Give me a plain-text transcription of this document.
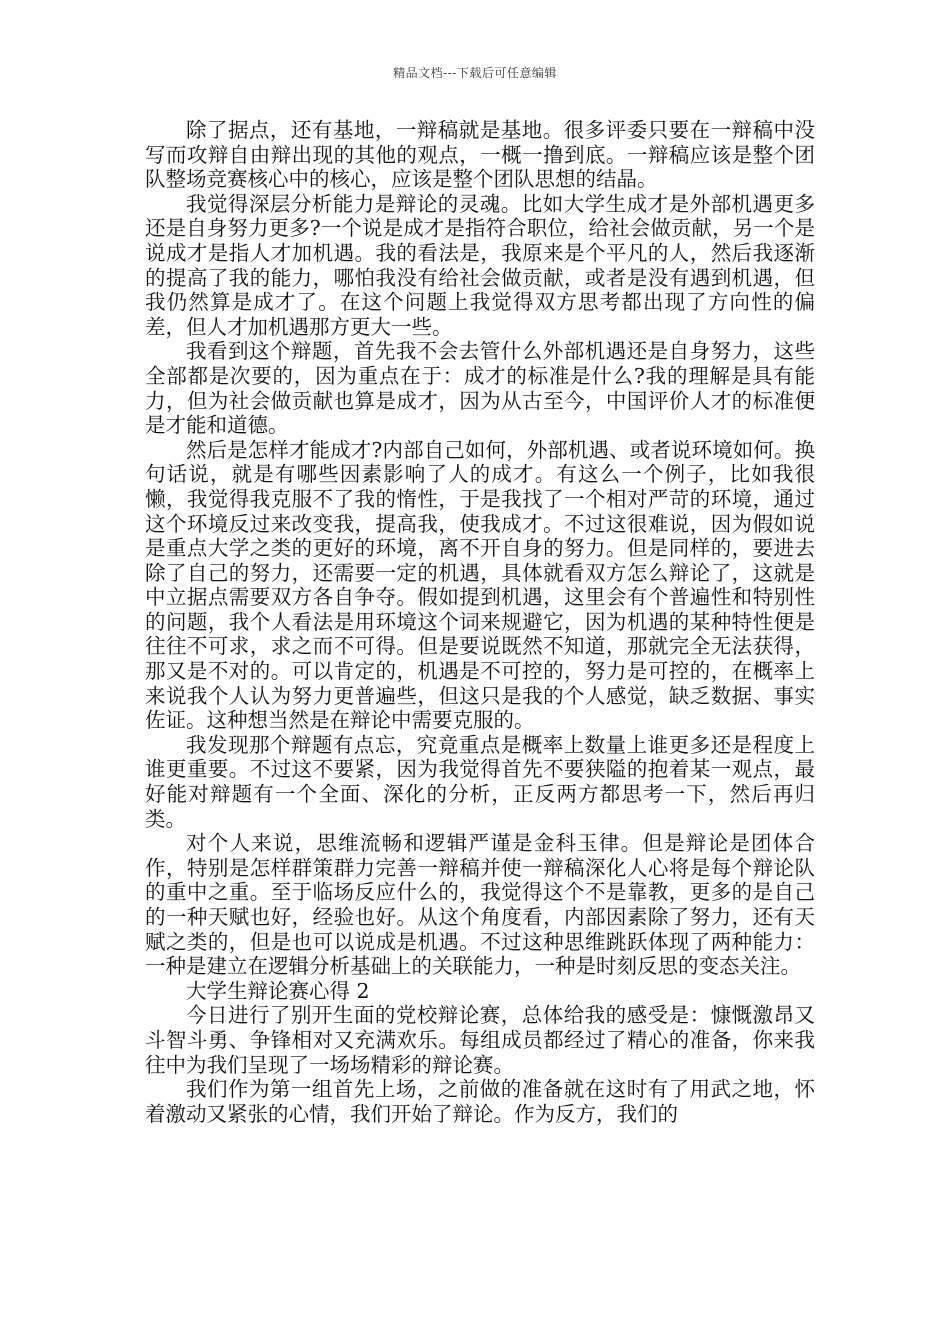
精品文档---下载后可任意编辑

除了据点，还有基地，一辩稿就是基地。很多评委只要在一辩稿中没写而攻辩自由辩出现的其他的观点，一概一撸到底。一辩稿应该是整个团队整场竞赛核心中的核心，应该是整个团队思想的结晶。

我觉得深层分析能力是辩论的灵魂。比如大学生成才是外部机遇更多还是自身努力更多?一个说是成才是指符合职位，给社会做贡献，另一个是说成才是指人才加机遇。我的看法是，我原来是个平凡的人，然后我逐渐的提高了我的能力，哪怕我没有给社会做贡献，或者是没有遇到机遇，但我仍然算是成才了。在这个问题上我觉得双方思考都出现了方向性的偏差，但人才加机遇那方更大一些。

我看到这个辩题，首先我不会去管什么外部机遇还是自身努力，这些全部都是次要的，因为重点在于：成才的标准是什么?我的理解是具有能力，但为社会做贡献也算是成才，因为从古至今，中国评价人才的标准便是才能和道德。

然后是怎样才能成才?内部自己如何，外部机遇、或者说环境如何。换句话说，就是有哪些因素影响了人的成才。有这么一个例子，比如我很懒，我觉得我克服不了我的惰性，于是我找了一个相对严苛的环境，通过这个环境反过来改变我，提高我，使我成才。不过这很难说，因为假如说是重点大学之类的更好的环境，离不开自身的努力。但是同样的，要进去除了自己的努力，还需要一定的机遇，具体就看双方怎么辩论了，这就是中立据点需要双方各自争夺。假如提到机遇，这里会有个普遍性和特别性的问题，我个人看法是用环境这个词来规避它，因为机遇的某种特性便是往往不可求，求之而不可得。但是要说既然不知道，那就完全无法获得，那又是不对的。可以肯定的，机遇是不可控的，努力是可控的，在概率上来说我个人认为努力更普遍些，但这只是我的个人感觉，缺乏数据、事实佐证。这种想当然是在辩论中需要克服的。

我发现那个辩题有点忘，究竟重点是概率上数量上谁更多还是程度上谁更重要。不过这不要紧，因为我觉得首先不要狭隘的抱着某一观点，最好能对辩题有一个全面、深化的分析，正反两方都思考一下，然后再归类。

对个人来说，思维流畅和逻辑严谨是金科玉律。但是辩论是团体合作，特别是怎样群策群力完善一辩稿并使一辩稿深化人心将是每个辩论队的重中之重。至于临场反应什么的，我觉得这个不是靠教，更多的是自己的一种天赋也好，经验也好。从这个角度看，内部因素除了努力，还有天赋之类的，但是也可以说成是机遇。不过这种思维跳跃体现了两种能力：一种是建立在逻辑分析基础上的关联能力，一种是时刻反思的变态关注。

大学生辩论赛心得 2

今日进行了别开生面的党校辩论赛，总体给我的感受是：慷慨激昂又斗智斗勇、争锋相对又充满欢乐。每组成员都经过了精心的准备，你来我往中为我们呈现了一场场精彩的辩论赛。

我们作为第一组首先上场，之前做的准备就在这时有了用武之地，怀着激动又紧张的心情，我们开始了辩论。作为反方，我们的
